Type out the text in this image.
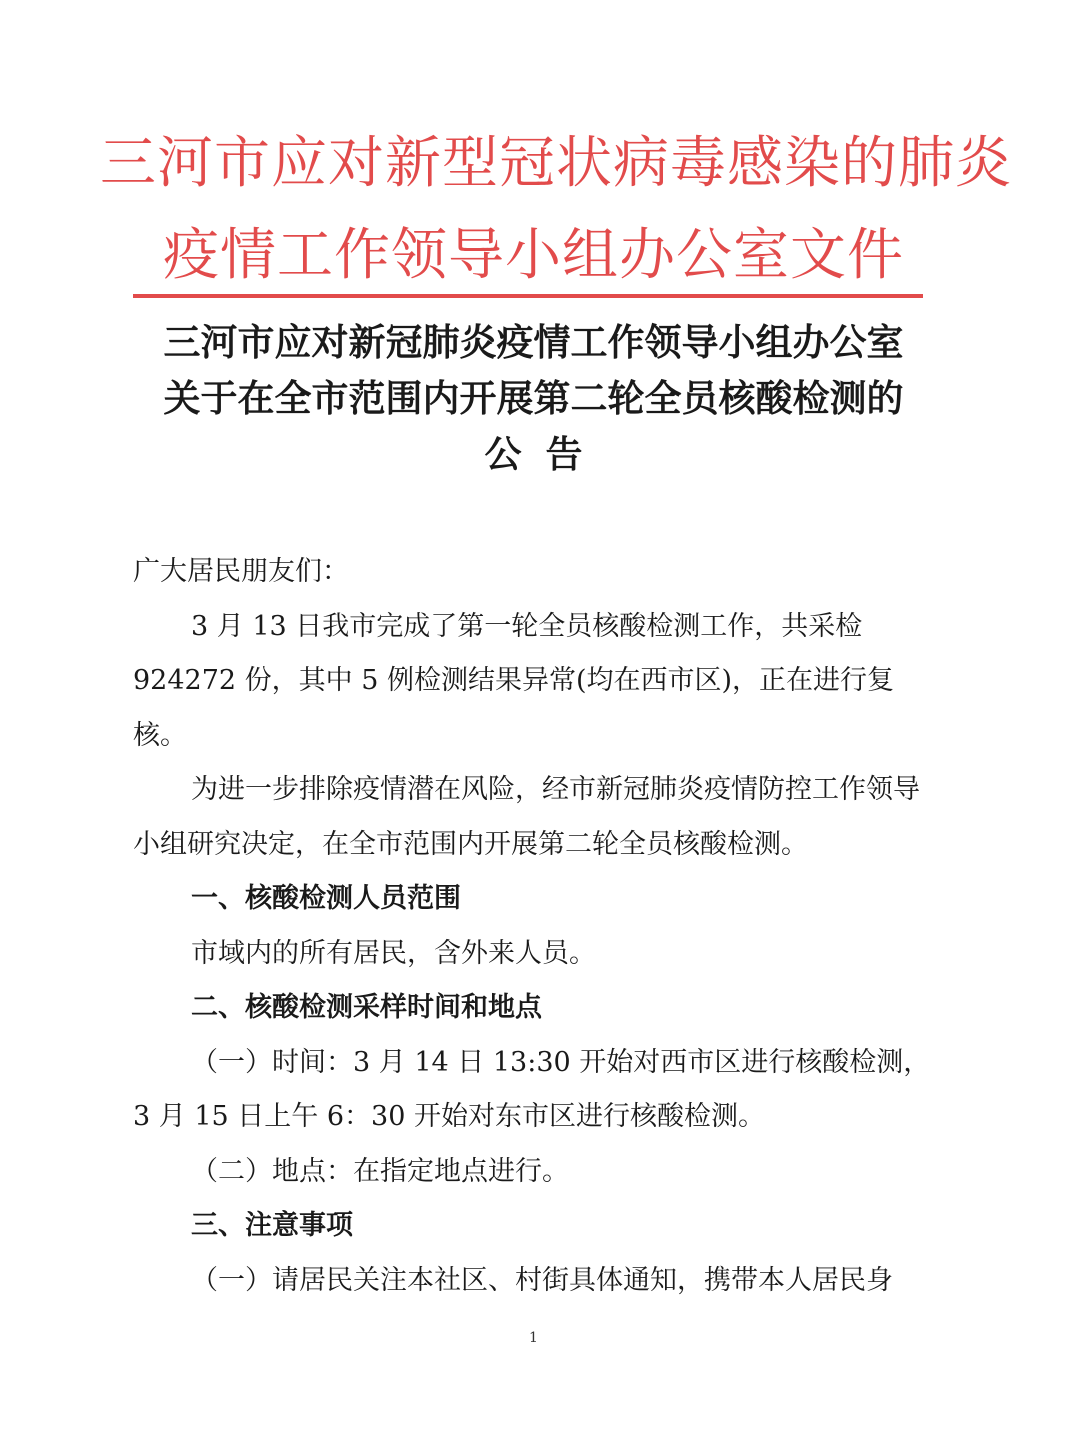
三河市应对新型冠状病毒感染的肺炎
疫情工作领导小组办公室文件
三河市应对新冠肺炎疫情工作领导小组办公室
关于在全市范围内开展第二轮全员核酸检测的
公告

广大居民朋友们：

3 月 13 日我市完成了第一轮全员核酸检测工作，共采检 924272 份，其中 5 例检测结果异常(均在西市区)，正在进行复核。

为进一步排除疫情潜在风险，经市新冠肺炎疫情防控工作领导小组研究决定，在全市范围内开展第二轮全员核酸检测。

一、核酸检测人员范围

市域内的所有居民，含外来人员。

二、核酸检测采样时间和地点

（一）时间：3 月 14 日 13:30 开始对西市区进行核酸检测，3 月 15 日上午 6：30 开始对东市区进行核酸检测。

（二）地点：在指定地点进行。

三、注意事项

（一）请居民关注本社区、村街具体通知，携带本人居民身

1
